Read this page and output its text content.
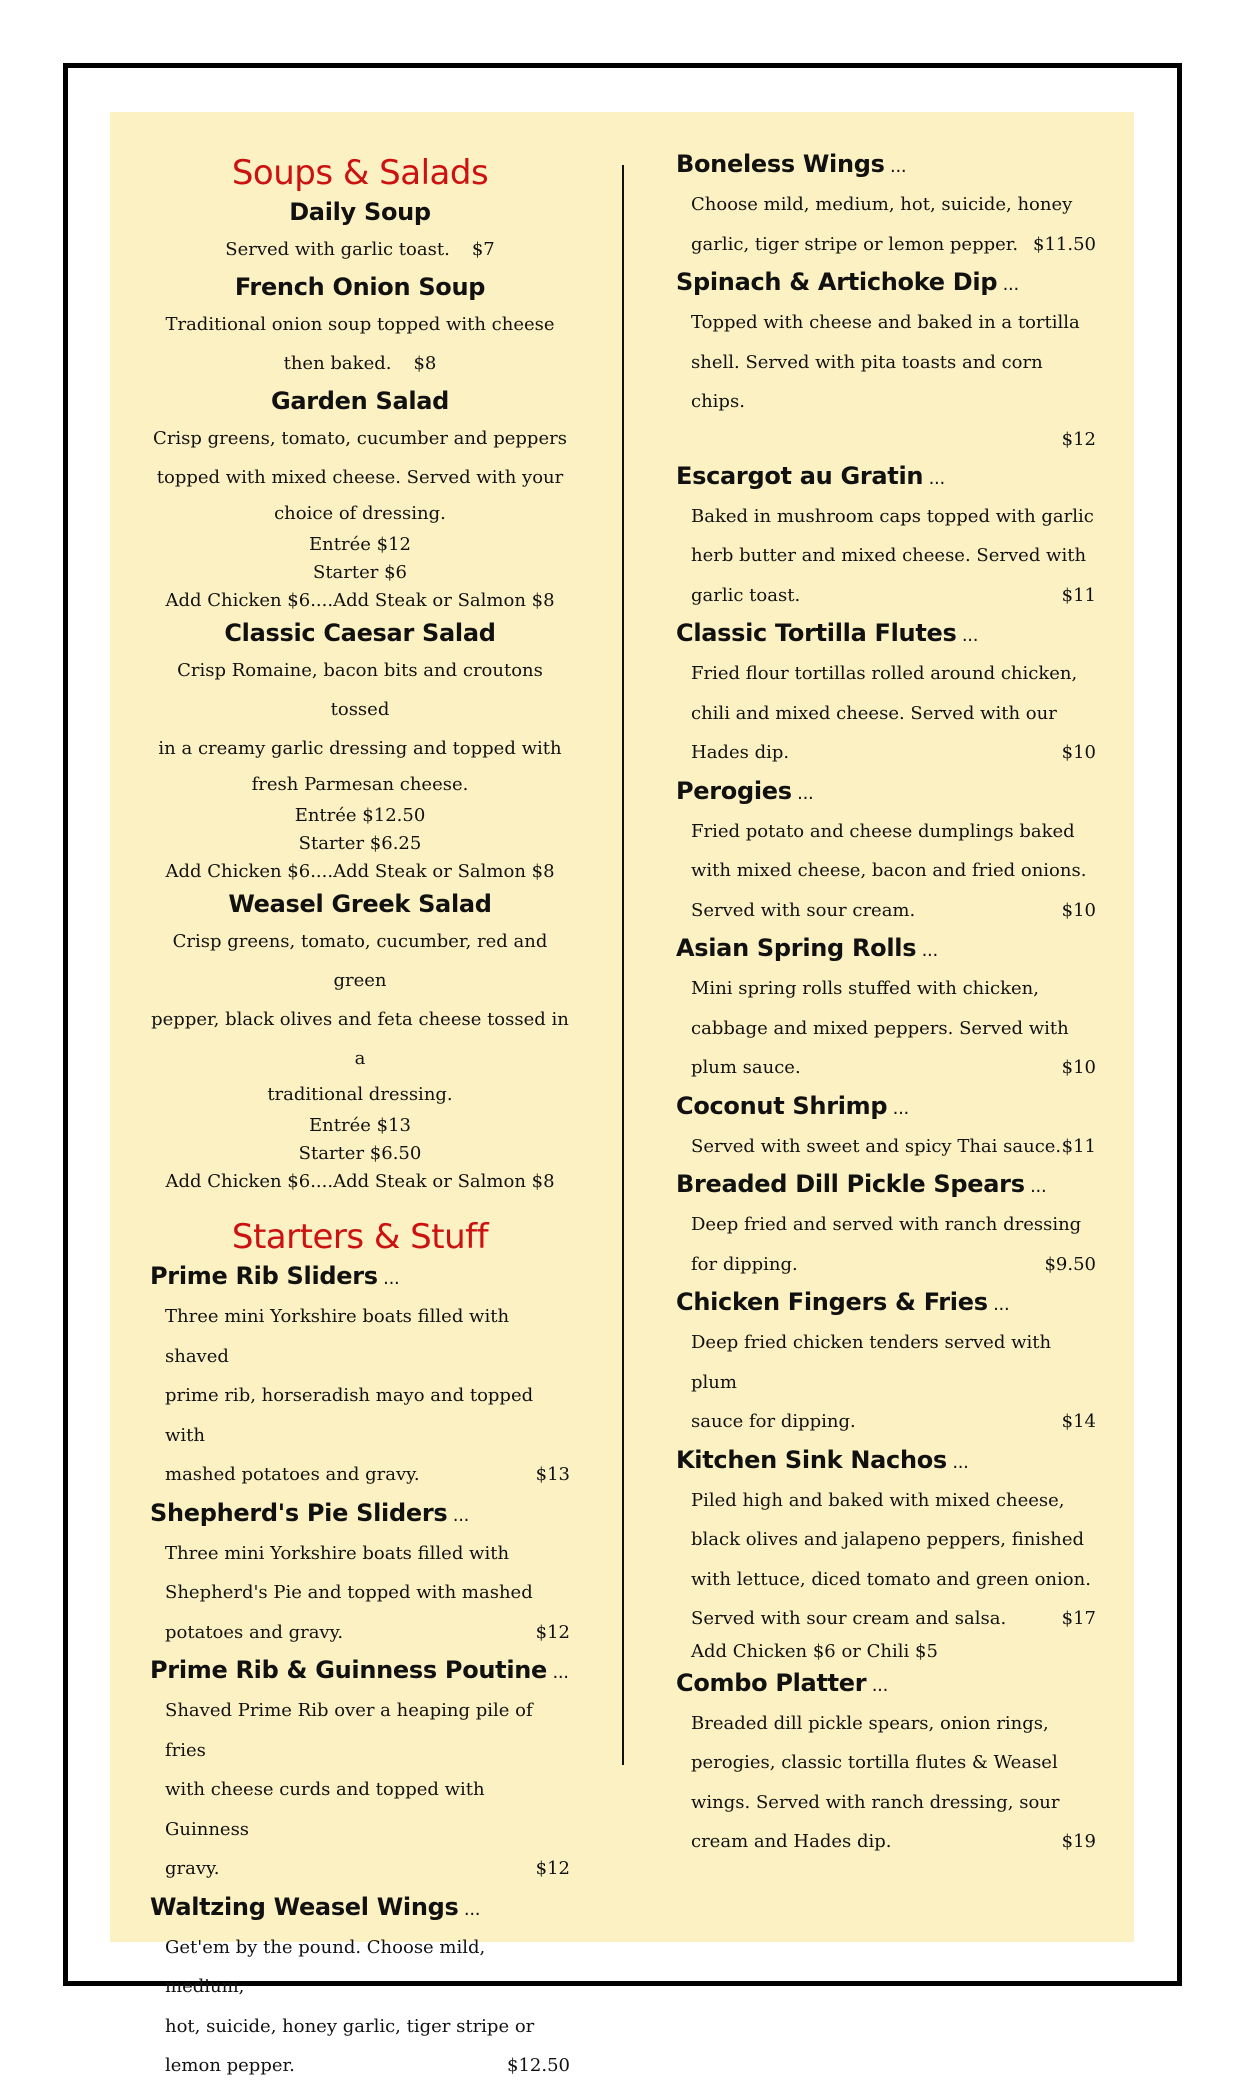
Soups & Salads
Daily Soup
Served with garlic toast. $7
French Onion Soup
Traditional onion soup topped with cheese
then baked. $8
Garden Salad
Crisp greens, tomato, cucumber and peppers
topped with mixed cheese. Served with your
choice of dressing.
Entrée $12
Starter $6
Add Chicken $6....Add Steak or Salmon $8
Classic Caesar Salad
Crisp Romaine, bacon bits and croutons tossed
in a creamy garlic dressing and topped with
fresh Parmesan cheese.
Entrée $12.50
Starter $6.25
Add Chicken $6....Add Steak or Salmon $8
Weasel Greek Salad
Crisp greens, tomato, cucumber, red and green
pepper, black olives and feta cheese tossed in a
traditional dressing.
Entrée $13
Starter $6.50
Add Chicken $6....Add Steak or Salmon $8
Starters & Stuff
Prime Rib Sliders ...
Three mini Yorkshire boats filled with shaved
prime rib, horseradish mayo and topped with
mashed potatoes and gravy.	$13
Shepherd's Pie Sliders ...
Three mini Yorkshire boats filled with
Shepherd's Pie and topped with mashed
potatoes and gravy.	$12
Prime Rib & Guinness Poutine ...
Shaved Prime Rib over a heaping pile of fries
with cheese curds and topped with Guinness
gravy.	$12
Waltzing Weasel Wings ...
Get'em by the pound. Choose mild, medium,
hot, suicide, honey garlic, tiger stripe or
lemon pepper.	$12.50
Boneless Wings ...
Choose mild, medium, hot, suicide, honey
garlic, tiger stripe or lemon pepper. $11.50
Spinach & Artichoke Dip ...
Topped with cheese and baked in a tortilla
shell. Served with pita toasts and corn chips.
$12
Escargot au Gratin ...
Baked in mushroom caps topped with garlic
herb butter and mixed cheese. Served with
garlic toast.	$11
Classic Tortilla Flutes ...
Fried flour tortillas rolled around chicken,
chili and mixed cheese. Served with our
Hades dip.	$10
Perogies ...
Fried potato and cheese dumplings baked
with mixed cheese, bacon and fried onions.
Served with sour cream.	$10
Asian Spring Rolls ...
Mini spring rolls stuffed with chicken,
cabbage and mixed peppers. Served with
plum sauce.	$10
Coconut Shrimp ...
Served with sweet and spicy Thai sauce. $11
Breaded Dill Pickle Spears ...
Deep fried and served with ranch dressing
for dipping.	$9.50
Chicken Fingers & Fries ...
Deep fried chicken tenders served with plum
sauce for dipping.	$14
Kitchen Sink Nachos ...
Piled high and baked with mixed cheese,
black olives and jalapeno peppers, finished
with lettuce, diced tomato and green onion.
Served with sour cream and salsa.	$17
Add Chicken $6 or Chili $5
Combo Platter ...
Breaded dill pickle spears, onion rings,
perogies, classic tortilla flutes & Weasel
wings. Served with ranch dressing, sour
cream and Hades dip.	$19
